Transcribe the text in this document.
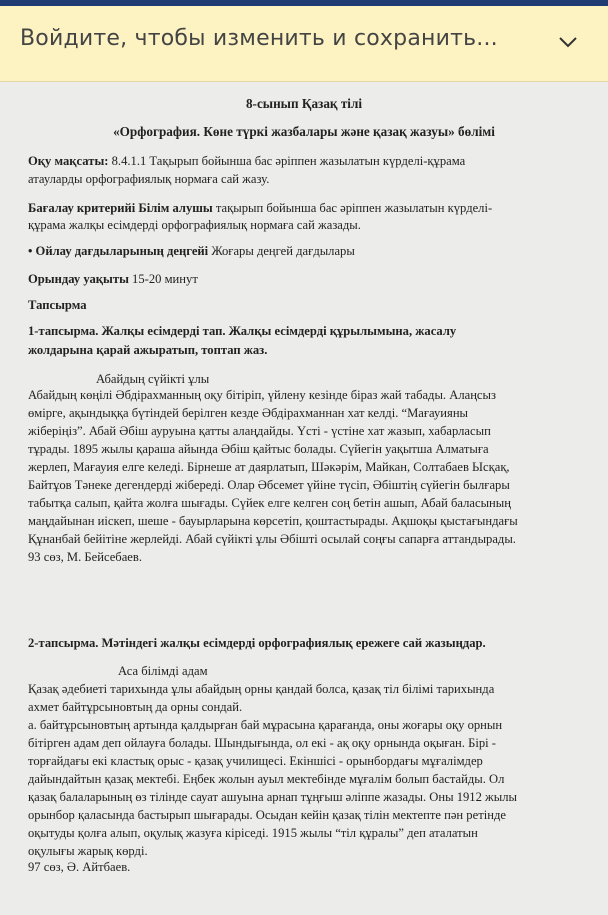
Войдите, чтобы изменить и сохранить...
8-сынып Қазақ тілі
«Орфография. Көне түркі жазбалары және қазақ жазуы» бөлімі
Оқу мақсаты: 8.4.1.1 Тақырып бойынша бас әріппен жазылатын күрделі-құрама
атауларды орфографиялық нормаға сай жазу.
Бағалау критерийі Білім алушы тақырып бойынша бас әріппен жазылатын күрделі-
құрама жалқы есімдерді орфографиялық нормаға сай жазады.
• Ойлау дағдыларының деңгейі Жоғары деңгей дағдылары
Орындау уақыты 15-20 минут
Тапсырма
1-тапсырма. Жалқы есімдерді тап. Жалқы есімдерді құрылымына, жасалу
жолдарына қарай ажыратып, топтап жаз.
Абайдың сүйікті ұлы
Абайдың көңілі Әбдірахманның оқу бітіріп, үйлену кезінде біраз жай табады. Алаңсыз
өмірге, ақындыққа бүтіндей берілген кезде Әбдірахманнан хат келді. “Мағауияны
жіберіңіз”. Абай Әбіш ауруына қатты алаңдайды. Үсті - үстіне хат жазып, хабарласып
тұрады. 1895 жылы қараша айында Әбіш қайтыс болады. Сүйегін уақытша Алматыға
жерлеп, Мағауия елге келеді. Бірнеше ат даярлатып, Шәкәрім, Майкан, Солтабаев Ысқақ,
Байтұов Тәнеке дегендерді жібереді. Олар Әбсемет үйіне түсіп, Әбіштің сүйегін былғары
табытқа салып, қайта жолға шығады. Сүйек елге келген соң бетін ашып, Абай баласының
маңдайынан иіскеп, шеше - бауырларына көрсетіп, қоштастырады. Ақшоқы қыстағындағы
Құнанбай бейітіне жерлейді. Абай сүйікті ұлы Әбішті осылай соңғы сапарға аттандырады.
93 сөз, М. Бейсебаев.
2-тапсырма. Мәтіндегі жалқы есімдерді орфографиялық ережеге сай жазыңдар.
Аса білімді адам
Қазақ әдебиеті тарихында ұлы абайдың орны қандай болса, қазақ тіл білімі тарихында
ахмет байтұрсыновтың да орны сондай.
а. байтұрсыновтың артында қалдырған бай мұрасына қарағанда, оны жоғары оқу орнын
бітірген адам деп ойлауға болады. Шындығында, ол екі - ақ оқу орнында оқыған. Бірі -
торғайдағы екі кластық орыс - қазақ училищесі. Екіншісі - орынбордағы мұғалімдер
дайындайтын қазақ мектебі. Еңбек жолын ауыл мектебінде мұғалім болып бастайды. Ол
қазақ балаларының өз тілінде сауат ашуына арнап тұңғыш әліппе жазады. Оны 1912 жылы
орынбор қаласында бастырып шығарады. Осыдан кейін қазақ тілін мектепте пән ретінде
оқытуды қолға алып, оқулық жазуға кіріседі. 1915 жылы “тіл құралы” деп аталатын
оқулығы жарық көрді.
97 сөз, Ә. Айтбаев.
